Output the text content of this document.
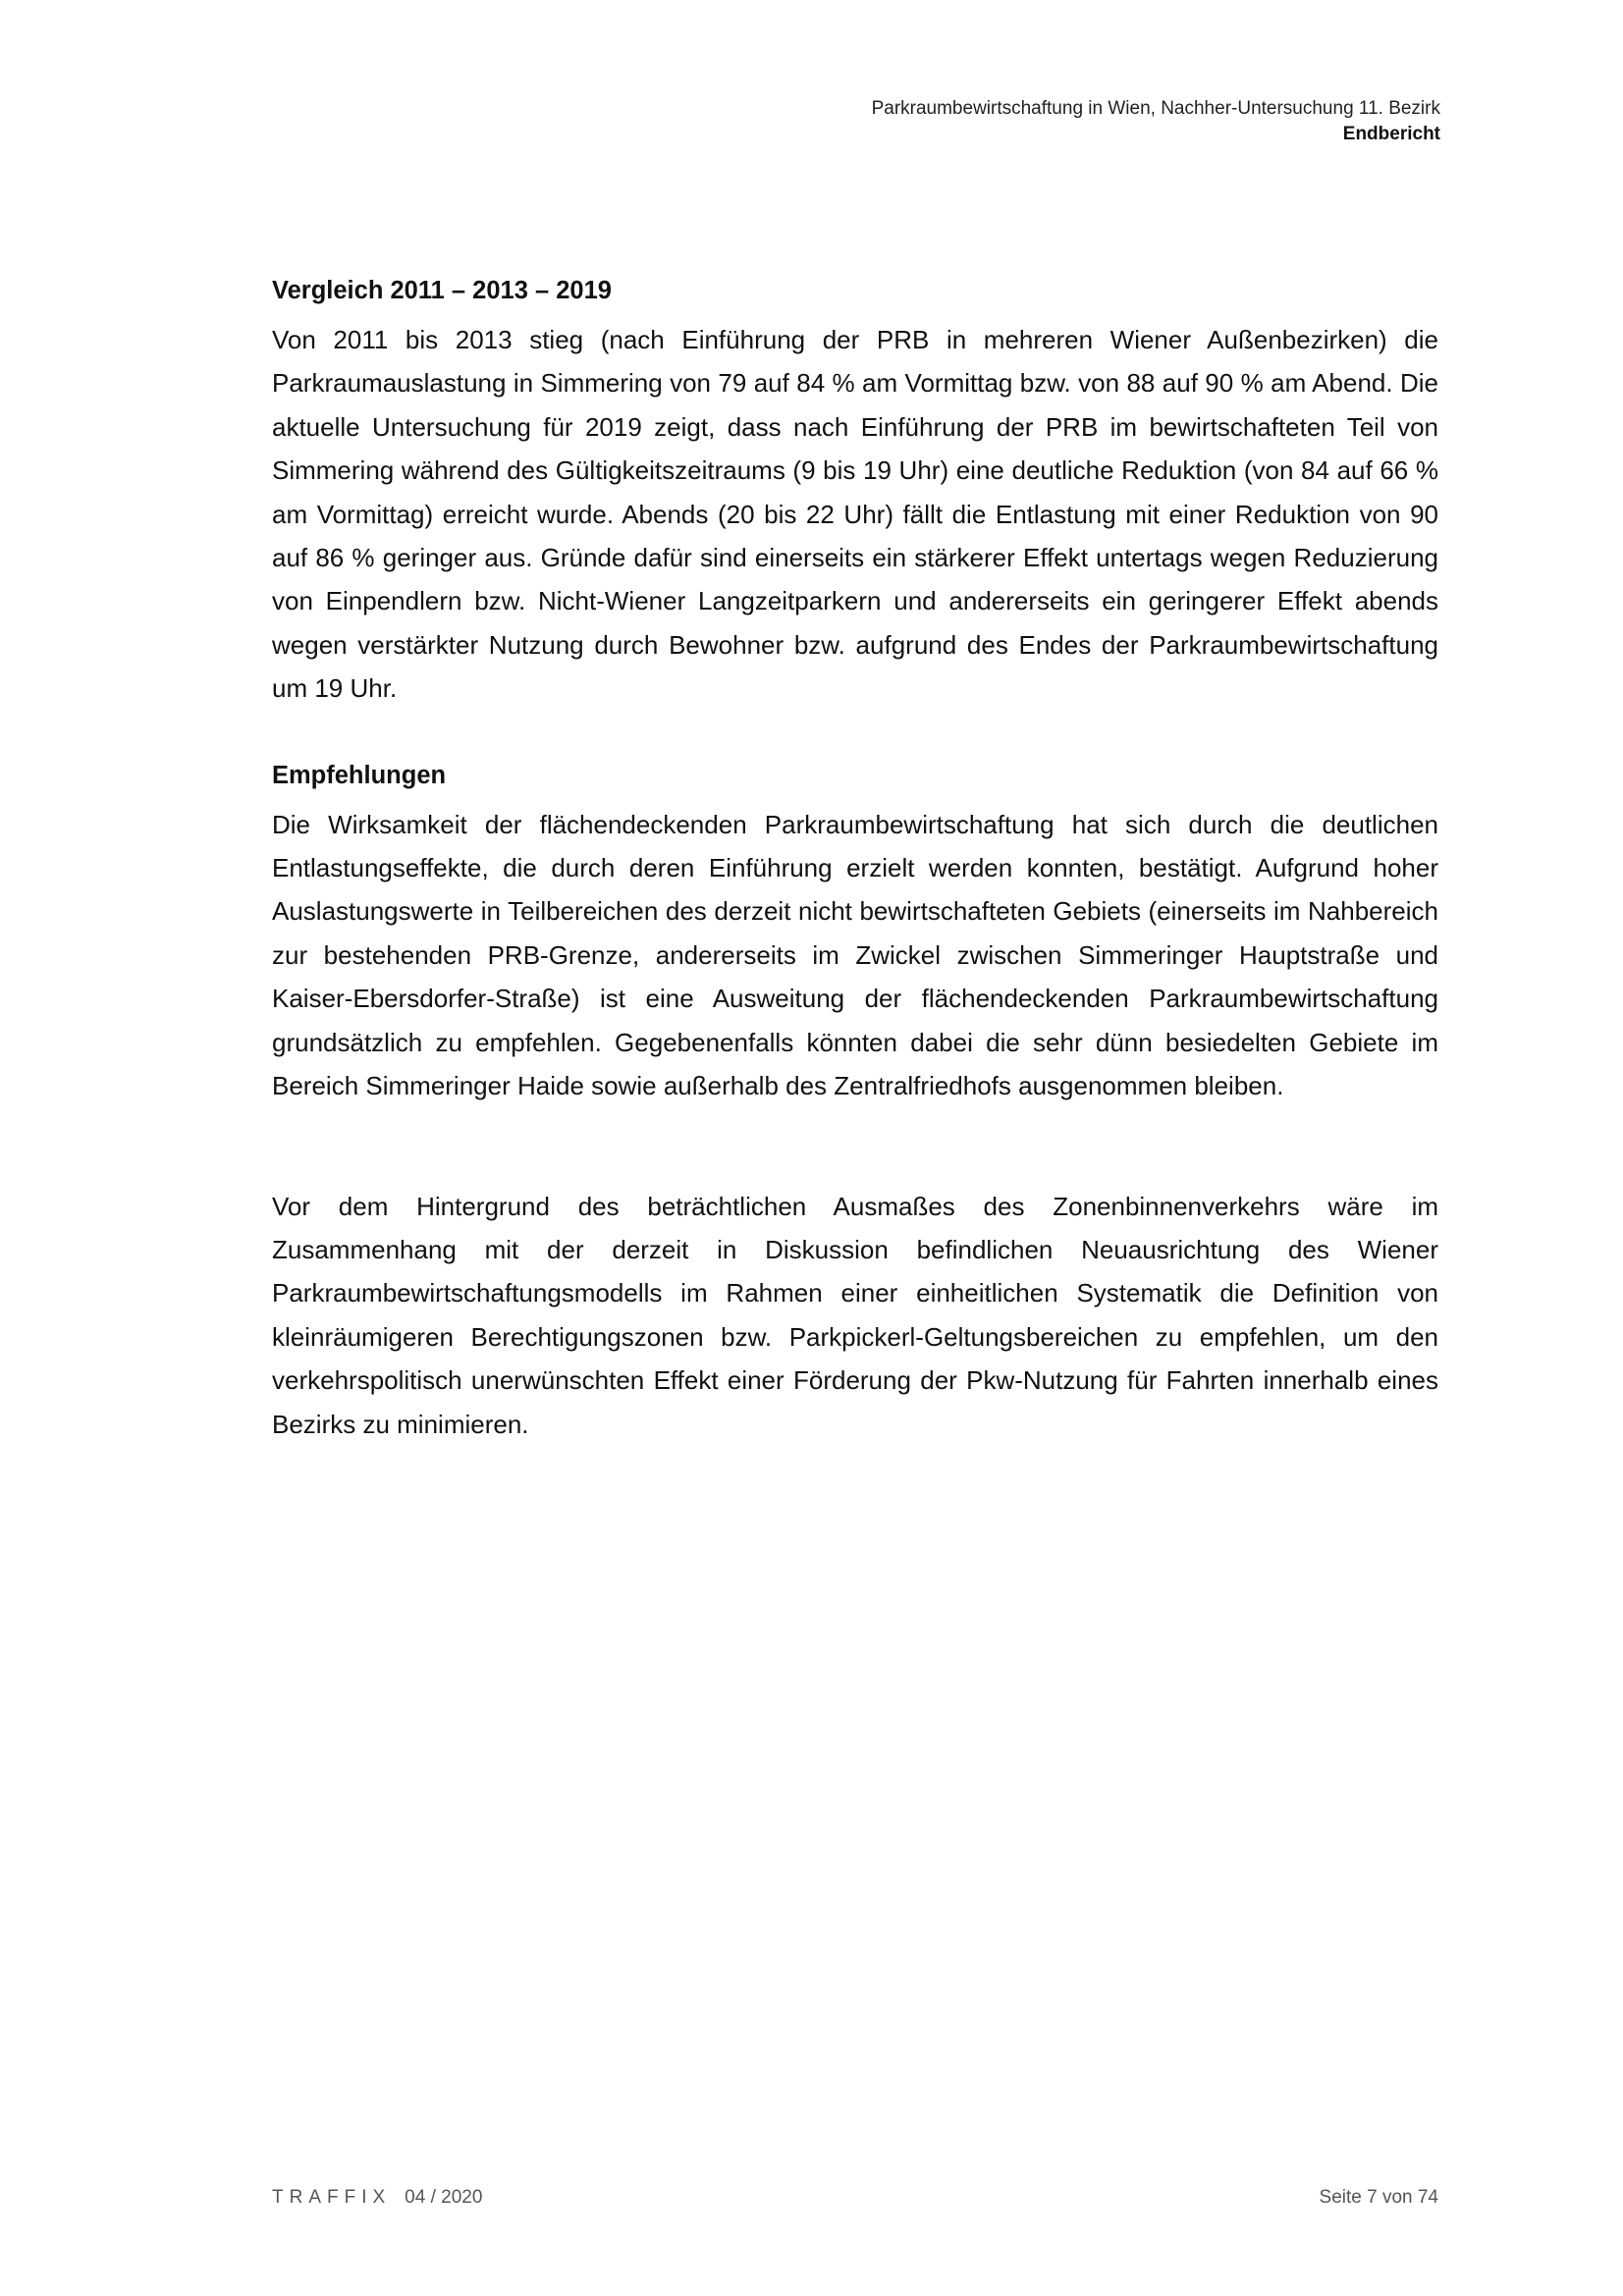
Parkraumbewirtschaftung in Wien, Nachher-Untersuchung 11. Bezirk
Endbericht
Vergleich 2011 – 2013 – 2019

Von 2011 bis 2013 stieg (nach Einführung der PRB in mehreren Wiener Außenbezirken) die Parkraumauslastung in Simmering von 79 auf 84 % am Vormittag bzw. von 88 auf 90 % am Abend. Die aktuelle Untersuchung für 2019 zeigt, dass nach Einführung der PRB im bewirtschafteten Teil von Simmering während des Gültigkeitszeitraums (9 bis 19 Uhr) eine deutliche Reduktion (von 84 auf 66 % am Vormittag) erreicht wurde. Abends (20 bis 22 Uhr) fällt die Entlastung mit einer Reduktion von 90 auf 86 % geringer aus. Gründe dafür sind einerseits ein stärkerer Effekt untertags wegen Reduzierung von Einpendlern bzw. Nicht-Wiener Langzeitparkern und andererseits ein geringerer Effekt abends wegen verstärkter Nutzung durch Bewohner bzw. aufgrund des Endes der Parkraumbewirtschaftung um 19 Uhr.

Empfehlungen

Die Wirksamkeit der flächendeckenden Parkraumbewirtschaftung hat sich durch die deutlichen Entlastungseffekte, die durch deren Einführung erzielt werden konnten, bestätigt. Aufgrund hoher Auslastungswerte in Teilbereichen des derzeit nicht bewirtschafteten Gebiets (einerseits im Nahbereich zur bestehenden PRB-Grenze, andererseits im Zwickel zwischen Simmeringer Hauptstraße und Kaiser-Ebersdorfer-Straße) ist eine Ausweitung der flächendeckenden Parkraumbewirtschaftung grundsätzlich zu empfehlen. Gegebenenfalls könnten dabei die sehr dünn besiedelten Gebiete im Bereich Simmeringer Haide sowie außerhalb des Zentralfriedhofs ausgenommen bleiben.

Vor dem Hintergrund des beträchtlichen Ausmaßes des Zonenbinnenverkehrs wäre im Zusammenhang mit der derzeit in Diskussion befindlichen Neuausrichtung des Wiener Parkraumbewirtschaftungsmodells im Rahmen einer einheitlichen Systematik die Definition von kleinräumigeren Berechtigungszonen bzw. Parkpickerl-Geltungsbereichen zu empfehlen, um den verkehrspolitisch unerwünschten Effekt einer Förderung der Pkw-Nutzung für Fahrten innerhalb eines Bezirks zu minimieren.

TRAFFIX 04 / 2020	Seite 7 von 74
